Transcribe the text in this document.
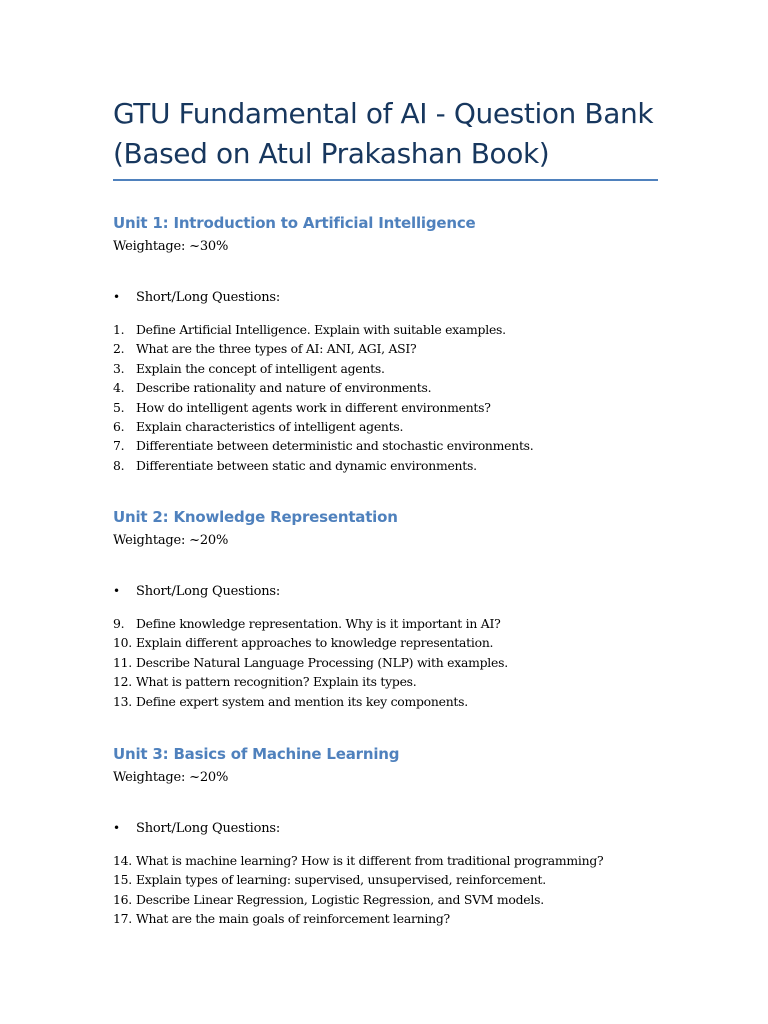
GTU Fundamental of AI - Question Bank
(Based on Atul Prakashan Book)
Unit 1: Introduction to Artificial Intelligence
Weightage: ~30%
• Short/Long Questions:
1. Define Artificial Intelligence. Explain with suitable examples.
2. What are the three types of AI: ANI, AGI, ASI?
3. Explain the concept of intelligent agents.
4. Describe rationality and nature of environments.
5. How do intelligent agents work in different environments?
6. Explain characteristics of intelligent agents.
7. Differentiate between deterministic and stochastic environments.
8. Differentiate between static and dynamic environments.
Unit 2: Knowledge Representation
Weightage: ~20%
• Short/Long Questions:
9. Define knowledge representation. Why is it important in AI?
10. Explain different approaches to knowledge representation.
11. Describe Natural Language Processing (NLP) with examples.
12. What is pattern recognition? Explain its types.
13. Define expert system and mention its key components.
Unit 3: Basics of Machine Learning
Weightage: ~20%
• Short/Long Questions:
14. What is machine learning? How is it different from traditional programming?
15. Explain types of learning: supervised, unsupervised, reinforcement.
16. Describe Linear Regression, Logistic Regression, and SVM models.
17. What are the main goals of reinforcement learning?
